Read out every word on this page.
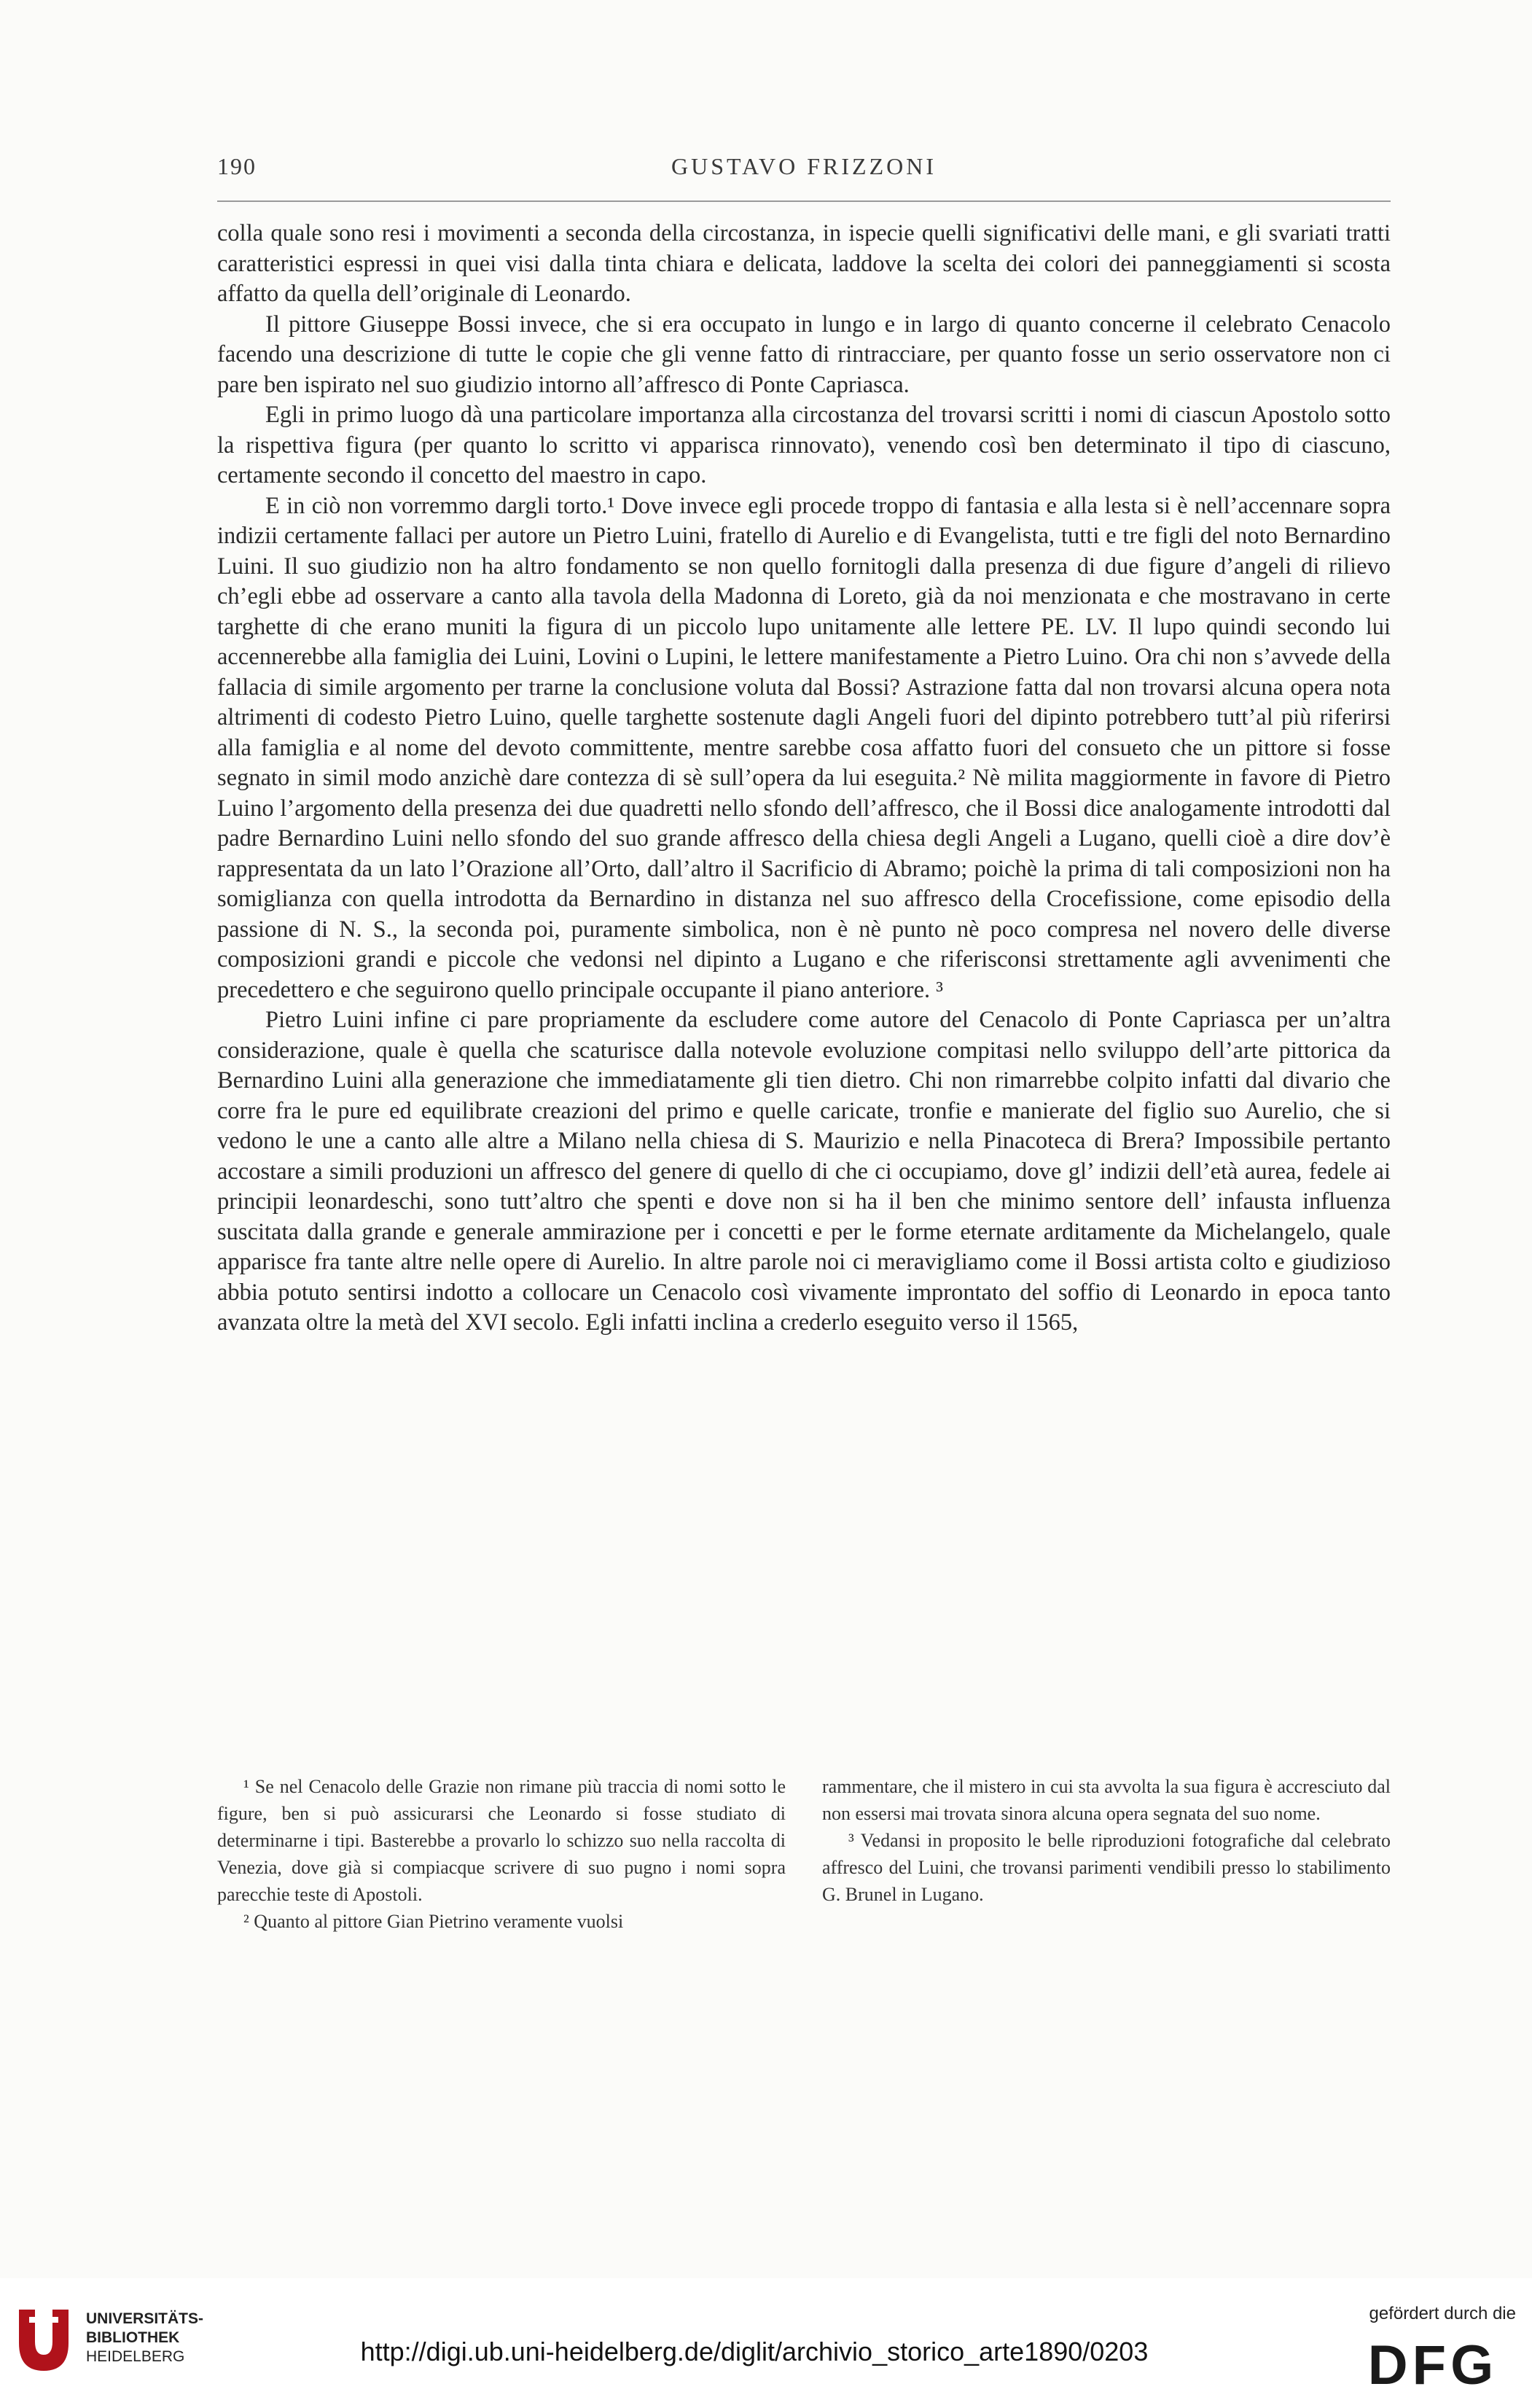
190	GUSTAVO FRIZZONI

colla quale sono resi i movimenti a seconda della circostanza, in ispecie quelli significativi delle mani, e gli svariati tratti caratteristici espressi in quei visi dalla tinta chiara e delicata, laddove la scelta dei colori dei panneggiamenti si scosta affatto da quella dell’originale di Leonardo.

Il pittore Giuseppe Bossi invece, che si era occupato in lungo e in largo di quanto concerne il celebrato Cenacolo facendo una descrizione di tutte le copie che gli venne fatto di rintracciare, per quanto fosse un serio osservatore non ci pare ben ispirato nel suo giudizio intorno all’affresco di Ponte Capriasca.

Egli in primo luogo dà una particolare importanza alla circostanza del trovarsi scritti i nomi di ciascun Apostolo sotto la rispettiva figura (per quanto lo scritto vi apparisca rinnovato), venendo così ben determinato il tipo di ciascuno, certamente secondo il concetto del maestro in capo.

E in ciò non vorremmo dargli torto.¹ Dove invece egli procede troppo di fantasia e alla lesta si è nell’accennare sopra indizii certamente fallaci per autore un Pietro Luini, fratello di Aurelio e di Evangelista, tutti e tre figli del noto Bernardino Luini. Il suo giudizio non ha altro fondamento se non quello fornitogli dalla presenza di due figure d’angeli di rilievo ch’egli ebbe ad osservare a canto alla tavola della Madonna di Loreto, già da noi menzionata e che mostravano in certe targhette di che erano muniti la figura di un piccolo lupo unitamente alle lettere PE. LV. Il lupo quindi secondo lui accennerebbe alla famiglia dei Luini, Lovini o Lupini, le lettere manifestamente a Pietro Luino. Ora chi non s’avvede della fallacia di simile argomento per trarne la conclusione voluta dal Bossi? Astrazione fatta dal non trovarsi alcuna opera nota altrimenti di codesto Pietro Luino, quelle targhette sostenute dagli Angeli fuori del dipinto potrebbero tutt’al più riferirsi alla famiglia e al nome del devoto committente, mentre sarebbe cosa affatto fuori del consueto che un pittore si fosse segnato in simil modo anzichè dare contezza di sè sull’opera da lui eseguita.² Nè milita maggiormente in favore di Pietro Luino l’argomento della presenza dei due quadretti nello sfondo dell’affresco, che il Bossi dice analogamente introdotti dal padre Bernardino Luini nello sfondo del suo grande affresco della chiesa degli Angeli a Lugano, quelli cioè a dire dov’è rappresentata da un lato l’Orazione all’Orto, dall’altro il Sacrificio di Abramo; poichè la prima di tali composizioni non ha somiglianza con quella introdotta da Bernardino in distanza nel suo affresco della Crocefissione, come episodio della passione di N. S., la seconda poi, puramente simbolica, non è nè punto nè poco compresa nel novero delle diverse composizioni grandi e piccole che vedonsi nel dipinto a Lugano e che riferisconsi strettamente agli avvenimenti che precedettero e che seguirono quello principale occupante il piano anteriore. ³

Pietro Luini infine ci pare propriamente da escludere come autore del Cenacolo di Ponte Capriasca per un’altra considerazione, quale è quella che scaturisce dalla notevole evoluzione compitasi nello sviluppo dell’arte pittorica da Bernardino Luini alla generazione che immediatamente gli tien dietro. Chi non rimarrebbe colpito infatti dal divario che corre fra le pure ed equilibrate creazioni del primo e quelle caricate, tronfie e manierate del figlio suo Aurelio, che si vedono le une a canto alle altre a Milano nella chiesa di S. Maurizio e nella Pinacoteca di Brera? Impossibile pertanto accostare a simili produzioni un affresco del genere di quello di che ci occupiamo, dove gl’ indizii dell’età aurea, fedele ai principii leonardeschi, sono tutt’altro che spenti e dove non si ha il ben che minimo sentore dell’ infausta influenza suscitata dalla grande e generale ammirazione per i concetti e per le forme eternate arditamente da Michelangelo, quale apparisce fra tante altre nelle opere di Aurelio. In altre parole noi ci meravigliamo come il Bossi artista colto e giudizioso abbia potuto sentirsi indotto a collocare un Cenacolo così vivamente improntato del soffio di Leonardo in epoca tanto avanzata oltre la metà del XVI secolo. Egli infatti inclina a crederlo eseguito verso il 1565,

¹ Se nel Cenacolo delle Grazie non rimane più traccia di nomi sotto le figure, ben si può assicurarsi che Leonardo si fosse studiato di determinarne i tipi. Basterebbe a provarlo lo schizzo suo nella raccolta di Venezia, dove già si compiacque scrivere di suo pugno i nomi sopra parecchie teste di Apostoli.

² Quanto al pittore Gian Pietrino veramente vuolsi

rammentare, che il mistero in cui sta avvolta la sua figura è accresciuto dal non essersi mai trovata sinora alcuna opera segnata del suo nome.

³ Vedansi in proposito le belle riproduzioni fotografiche dal celebrato affresco del Luini, che trovansi parimenti vendibili presso lo stabilimento G. Brunel in Lugano.

UNIVERSITÄTS-
BIBLIOTHEK
HEIDELBERG	http://digi.ub.uni-heidelberg.de/diglit/archivio_storico_arte1890/0203
gefördert durch die
DFG
